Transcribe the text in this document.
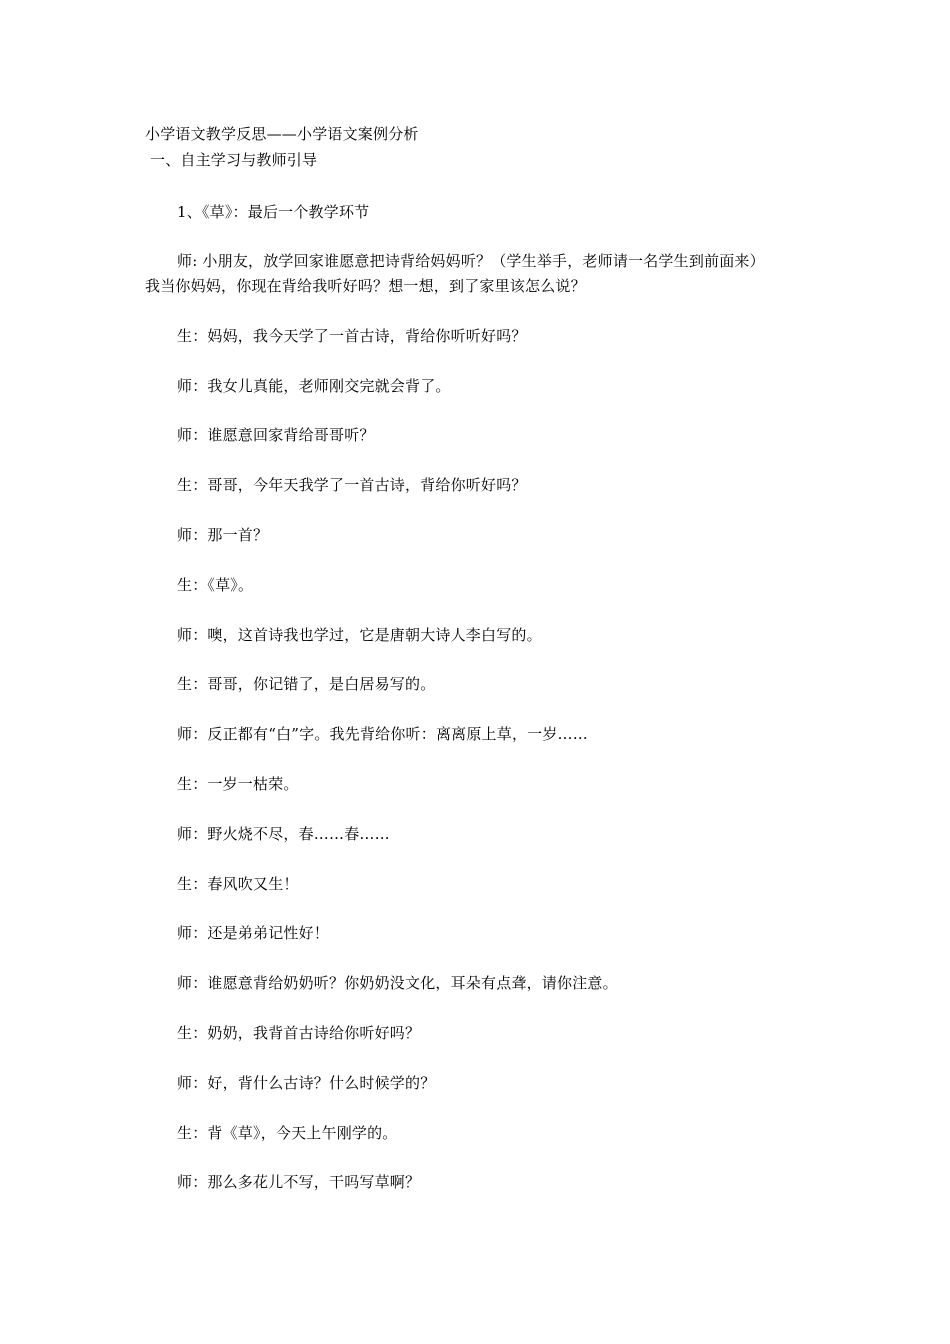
小学语文教学反思——小学语文案例分析
一、自主学习与教师引导
1、《草》：最后一个教学环节
师: 小朋友，放学回家谁愿意把诗背给妈妈听？（学生举手，老师请一名学生到前面来）
我当你妈妈，你现在背给我听好吗？想一想，到了家里该怎么说？
生：妈妈，我今天学了一首古诗，背给你听听好吗？
师：我女儿真能，老师刚交完就会背了。
师：谁愿意回家背给哥哥听？
生：哥哥，今年天我学了一首古诗，背给你听好吗？
师：那一首？
生：《草》。
师：噢，这首诗我也学过，它是唐朝大诗人李白写的。
生：哥哥，你记错了，是白居易写的。
师：反正都有“白”字。我先背给你听：离离原上草，一岁……
生：一岁一枯荣。
师：野火烧不尽，春……春……
生：春风吹又生！
师：还是弟弟记性好！
师：谁愿意背给奶奶听？你奶奶没文化，耳朵有点聋，请你注意。
生：奶奶，我背首古诗给你听好吗？
师：好，背什么古诗？什么时候学的？
生：背《草》，今天上午刚学的。
师：那么多花儿不写，干吗写草啊？
